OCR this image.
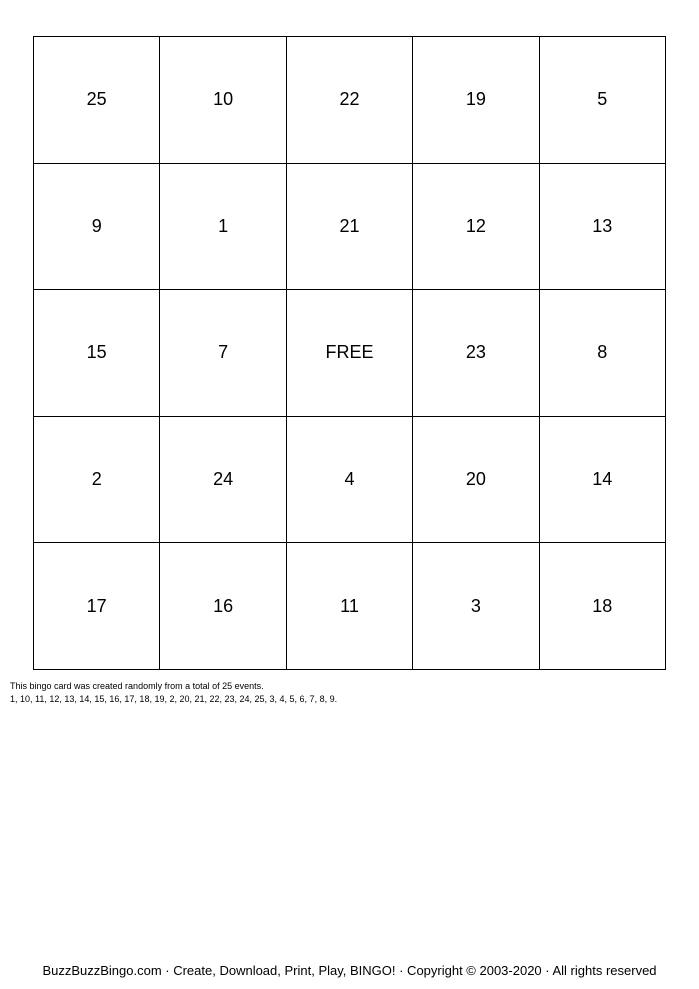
25	10	22	19	5
9	1	21	12	13
15	7	FREE	23	8
2	24	4	20	14
17	16	11	3	18
This bingo card was created randomly from a total of 25 events.
1, 10, 11, 12, 13, 14, 15, 16, 17, 18, 19, 2, 20, 21, 22, 23, 24, 25, 3, 4, 5, 6, 7, 8, 9.
BuzzBuzzBingo.com · Create, Download, Print, Play, BINGO! · Copyright © 2003-2020 · All rights reserved
